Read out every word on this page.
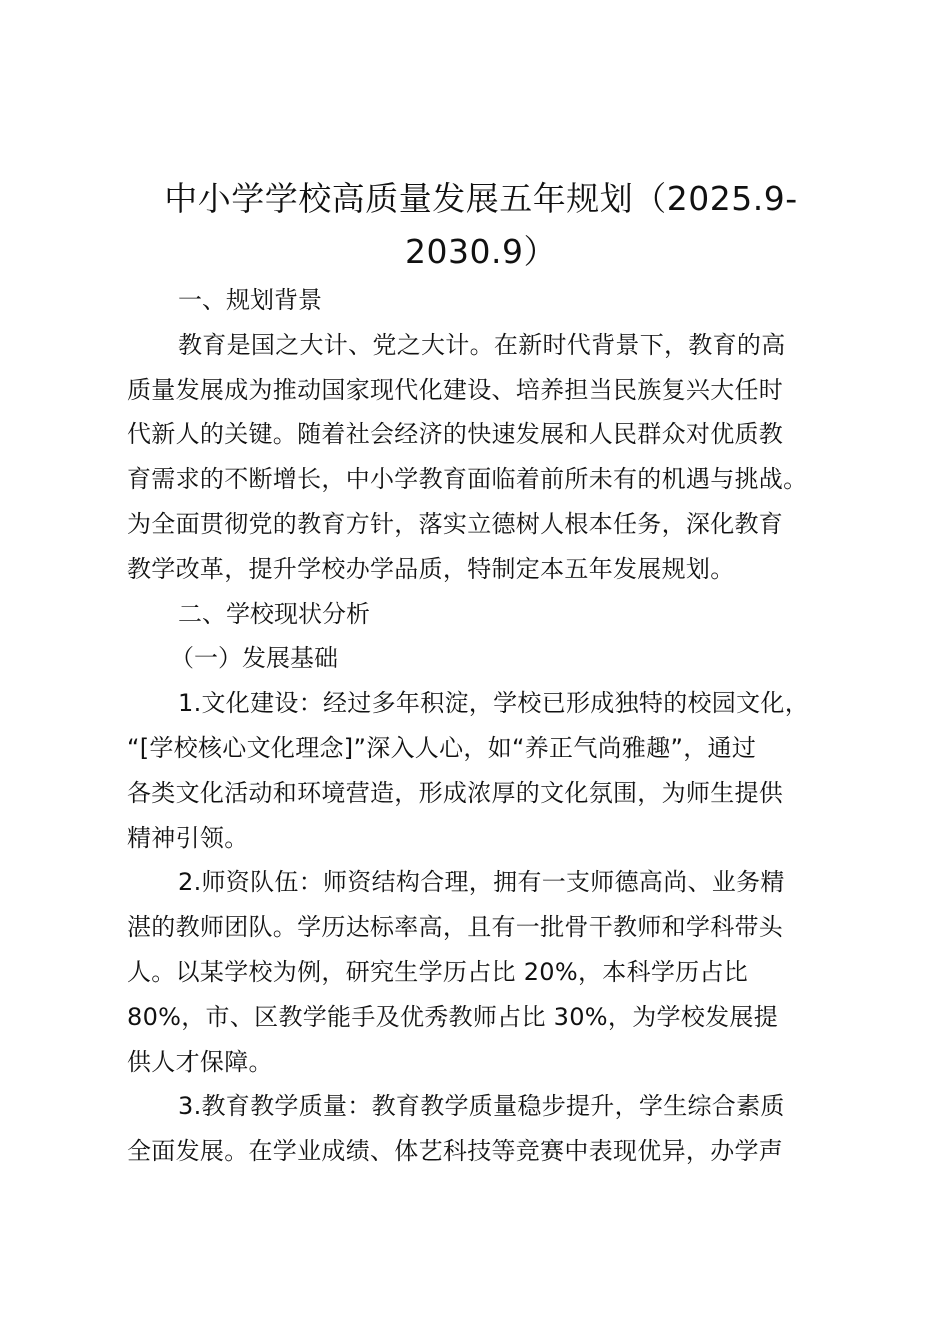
中小学学校高质量发展五年规划（2025.9-
2030.9）

一、规划背景

教育是国之大计、党之大计。在新时代背景下，教育的高
质量发展成为推动国家现代化建设、培养担当民族复兴大任时
代新人的关键。随着社会经济的快速发展和人民群众对优质教
育需求的不断增长，中小学教育面临着前所未有的机遇与挑战。
为全面贯彻党的教育方针，落实立德树人根本任务，深化教育
教学改革，提升学校办学品质，特制定本五年发展规划。

二、学校现状分析

（一）发展基础

1.文化建设：经过多年积淀，学校已形成独特的校园文化，
“[学校核心文化理念]”深入人心，如“养正气尚雅趣”，通过
各类文化活动和环境营造，形成浓厚的文化氛围，为师生提供
精神引领。

2.师资队伍：师资结构合理，拥有一支师德高尚、业务精
湛的教师团队。学历达标率高，且有一批骨干教师和学科带头
人。以某学校为例，研究生学历占比 20%，本科学历占比
80%，市、区教学能手及优秀教师占比 30%，为学校发展提
供人才保障。

3.教育教学质量：教育教学质量稳步提升，学生综合素质
全面发展。在学业成绩、体艺科技等竞赛中表现优异，办学声
